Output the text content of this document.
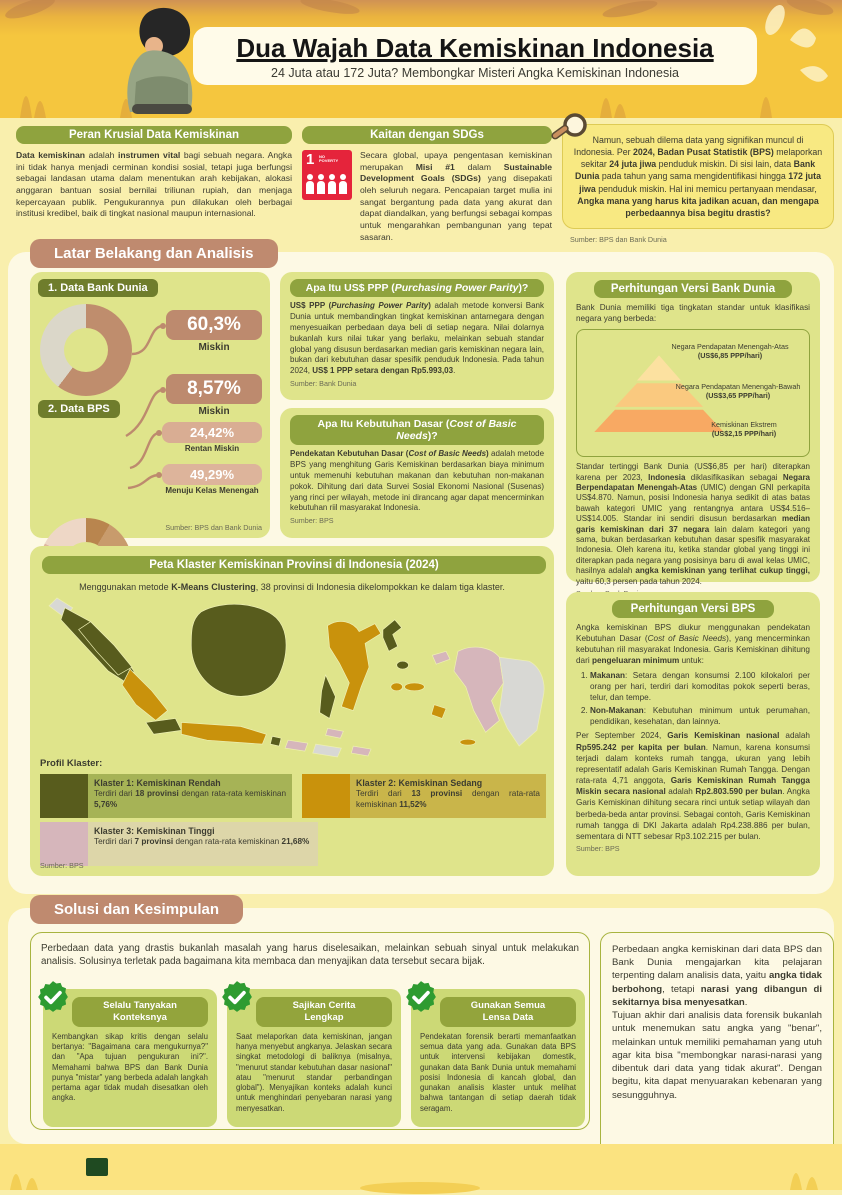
Dua Wajah Data Kemiskinan Indonesia
24 Juta atau 172 Juta? Membongkar Misteri Angka Kemiskinan Indonesia
Peran Krusial Data Kemiskinan
Data kemiskinan adalah instrumen vital bagi sebuah negara. Angka ini tidak hanya menjadi cerminan kondisi sosial, tetapi juga berfungsi sebagai landasan utama dalam menentukan arah kebijakan, alokasi anggaran bantuan sosial bernilai triliunan rupiah, dan menjaga kepercayaan publik. Pengukurannya pun dilakukan oleh berbagai institusi kredibel, baik di tingkat nasional maupun internasional.
Kaitan dengan SDGs
1 NO POVERTY
Secara global, upaya pengentasan kemiskinan merupakan Misi #1 dalam Sustainable Development Goals (SDGs) yang disepakati oleh seluruh negara. Pencapaian target mulia ini sangat bergantung pada data yang akurat dan dapat diandalkan, yang berfungsi sebagai kompas untuk mengarahkan pembangunan yang tepat sasaran.
Namun, sebuah dilema data yang signifikan muncul di Indonesia. Per 2024, Badan Pusat Statistik (BPS) melaporkan sekitar 24 juta jiwa penduduk miskin. Di sisi lain, data Bank Dunia pada tahun yang sama mengidentifikasi hingga 172 juta jiwa penduduk miskin. Hal ini memicu pertanyaan mendasar, Angka mana yang harus kita jadikan acuan, dan mengapa perbedaannya bisa begitu drastis?
Sumber: BPS dan Bank Dunia
Latar Belakang dan Analisis
1. Data Bank Dunia
60,3%
Miskin
8,57%
Miskin
2. Data BPS
24,42%
Rentan Miskin
49,29%
Menuju Kelas Menengah
Sumber: BPS dan Bank Dunia
Apa Itu US$ PPP (Purchasing Power Parity)?
US$ PPP (Purchasing Power Parity) adalah metode konversi Bank Dunia untuk membandingkan tingkat kemiskinan antarnegara dengan menyesuaikan perbedaan daya beli di setiap negara. Nilai dolarnya bukanlah kurs nilai tukar yang berlaku, melainkan sebuah standar global yang disusun berdasarkan median garis kemiskinan negara lain, bukan dari kebutuhan dasar spesifik penduduk Indonesia. Pada tahun 2024, US$ 1 PPP setara dengan Rp5.993,03.
Sumber: Bank Dunia
Apa Itu Kebutuhan Dasar (Cost of Basic Needs)?
Pendekatan Kebutuhan Dasar (Cost of Basic Needs) adalah metode BPS yang menghitung Garis Kemiskinan berdasarkan biaya minimum untuk memenuhi kebutuhan makanan dan kebutuhan non-makanan pokok. Dihitung dari data Survei Sosial Ekonomi Nasional (Susenas) yang rinci per wilayah, metode ini dirancang agar dapat mencerminkan kebutuhan riil masyarakat Indonesia.
Sumber: BPS
Perhitungan Versi Bank Dunia
Bank Dunia memiliki tiga tingkatan standar untuk klasifikasi negara yang berbeda:
Negara Pendapatan Menengah-Atas
(US$6,85 PPP/hari)
Negara Pendapatan Menengah-Bawah
(US$3,65 PPP/hari)
Kemiskinan Ekstrem
(US$2,15 PPP/hari)
Standar tertinggi Bank Dunia (US$6,85 per hari) diterapkan karena per 2023, Indonesia diklasifikasikan sebagai Negara Berpendapatan Menengah-Atas (UMIC) dengan GNI perkapita US$4.870. Namun, posisi Indonesia hanya sedikit di atas batas bawah kategori UMIC yang rentangnya antara US$4.516–US$14.005. Standar ini sendiri disusun berdasarkan median garis kemiskinan dari 37 negara lain dalam kategori yang sama, bukan berdasarkan kebutuhan dasar spesifik masyarakat Indonesia. Oleh karena itu, ketika standar global yang tinggi ini diterapkan pada negara yang posisinya baru di awal kelas UMIC, hasilnya adalah angka kemiskinan yang terlihat cukup tinggi, yaitu 60,3 persen pada tahun 2024.
Perhitungan Versi BPS
Angka kemiskinan BPS diukur menggunakan pendekatan Kebutuhan Dasar (Cost of Basic Needs), yang mencerminkan kebutuhan riil masyarakat Indonesia. Garis Kemiskinan dihitung dari pengeluaran minimum untuk:
1. Makanan: Setara dengan konsumsi 2.100 kilokalori per orang per hari, terdiri dari komoditas pokok seperti beras, telur, dan tempe.
2. Non-Makanan: Kebutuhan minimum untuk perumahan, pendidikan, kesehatan, dan lainnya.
Per September 2024, Garis Kemiskinan nasional adalah Rp595.242 per kapita per bulan. Namun, karena konsumsi terjadi dalam konteks rumah tangga, ukuran yang lebih representatif adalah Garis Kemiskinan Rumah Tangga. Dengan rata-rata 4,71 anggota, Garis Kemiskinan Rumah Tangga Miskin secara nasional adalah Rp2.803.590 per bulan. Angka Garis Kemiskinan dihitung secara rinci untuk setiap wilayah dan berbeda-beda antar provinsi. Sebagai contoh, Garis Kemiskinan rumah tangga di DKI Jakarta adalah Rp4.238.886 per bulan, sementara di NTT sebesar Rp3.102.215 per bulan.
Sumber: BPS
Peta Klaster Kemiskinan Provinsi di Indonesia (2024)
Menggunakan metode K-Means Clustering, 38 provinsi di Indonesia dikelompokkan ke dalam tiga klaster.
Profil Klaster:
Klaster 1: Kemiskinan Rendah
Terdiri dari 18 provinsi dengan rata-rata kemiskinan 5,76%
Klaster 2: Kemiskinan Sedang
Terdiri dari 13 provinsi dengan rata-rata kemiskinan 11,52%
Klaster 3: Kemiskinan Tinggi
Terdiri dari 7 provinsi dengan rata-rata kemiskinan 21,68%
Sumber: BPS
Solusi dan Kesimpulan
Perbedaan data yang drastis bukanlah masalah yang harus diselesaikan, melainkan sebuah sinyal untuk melakukan analisis. Solusinya terletak pada bagaimana kita membaca dan menyajikan data tersebut secara bijak.
Selalu Tanyakan
Konteksnya
Kembangkan sikap kritis dengan selalu bertanya: "Bagaimana cara mengukurnya?" dan "Apa tujuan pengukuran ini?". Memahami bahwa BPS dan Bank Dunia punya "mistar" yang berbeda adalah langkah pertama agar tidak mudah disesatkan oleh angka.
Sajikan Cerita
Lengkap
Saat melaporkan data kemiskinan, jangan hanya menyebut angkanya. Jelaskan secara singkat metodologi di baliknya (misalnya, "menurut standar kebutuhan dasar nasional" atau "menurut standar perbandingan global"). Menyajikan konteks adalah kunci untuk menghindari penyebaran narasi yang menyesatkan.
Gunakan Semua
Lensa Data
Pendekatan forensik berarti memanfaatkan semua data yang ada. Gunakan data BPS untuk intervensi kebijakan domestik, gunakan data Bank Dunia untuk memahami posisi Indonesia di kancah global, dan gunakan analisis klaster untuk melihat bahwa tantangan di setiap daerah tidak seragam.
Perbedaan angka kemiskinan dari data BPS dan Bank Dunia mengajarkan kita pelajaran terpenting dalam analisis data, yaitu angka tidak berbohong, tetapi narasi yang dibangun di sekitarnya bisa menyesatkan.
Tujuan akhir dari analisis data forensik bukanlah untuk menemukan satu angka yang "benar", melainkan untuk memiliki pemahaman yang utuh agar kita bisa "membongkar narasi-narasi yang dibentuk dari data yang tidak akurat". Dengan begitu, kita dapat menyuarakan kebenaran yang sesungguhnya.
